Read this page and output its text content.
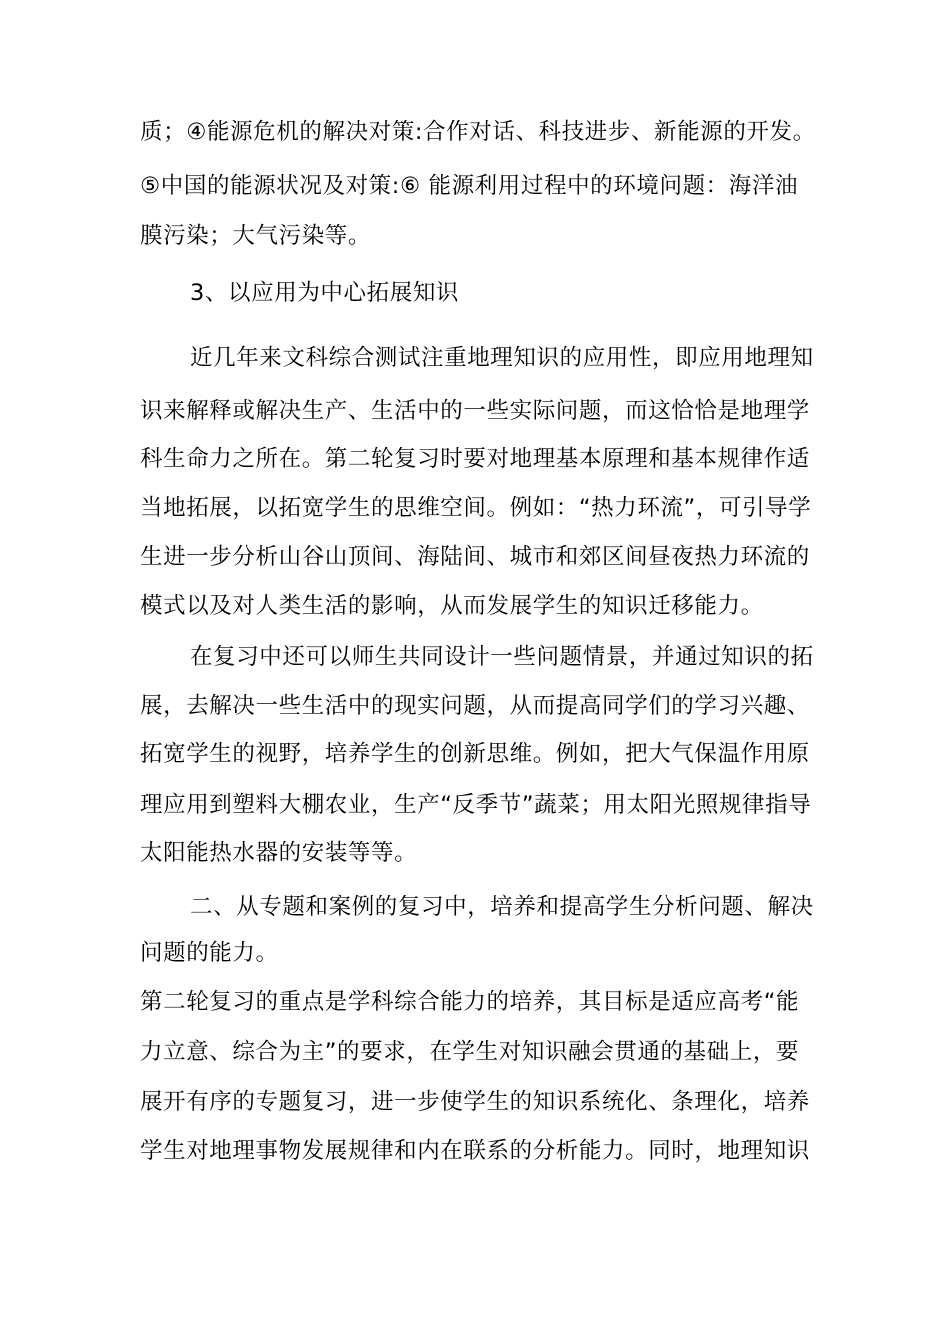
质；④能源危机的解决对策:合作对话、科技进步、新能源的开发。

⑤中国的能源状况及对策:⑥ 能源利用过程中的环境问题：海洋油

膜污染；大气污染等。

3、以应用为中心拓展知识

近几年来文科综合测试注重地理知识的应用性，即应用地理知

识来解释或解决生产、生活中的一些实际问题，而这恰恰是地理学

科生命力之所在。第二轮复习时要对地理基本原理和基本规律作适

当地拓展，以拓宽学生的思维空间。例如：“热力环流”，可引导学

生进一步分析山谷山顶间、海陆间、城市和郊区间昼夜热力环流的

模式以及对人类生活的影响，从而发展学生的知识迁移能力。

在复习中还可以师生共同设计一些问题情景，并通过知识的拓

展，去解决一些生活中的现实问题，从而提高同学们的学习兴趣、

拓宽学生的视野，培养学生的创新思维。例如，把大气保温作用原

理应用到塑料大棚农业，生产“反季节”蔬菜；用太阳光照规律指导

太阳能热水器的安装等等。

二、从专题和案例的复习中，培养和提高学生分析问题、解决

问题的能力。

第二轮复习的重点是学科综合能力的培养，其目标是适应高考“能

力立意、综合为主”的要求，在学生对知识融会贯通的基础上，要

展开有序的专题复习，进一步使学生的知识系统化、条理化，培养

学生对地理事物发展规律和内在联系的分析能力。同时，地理知识
